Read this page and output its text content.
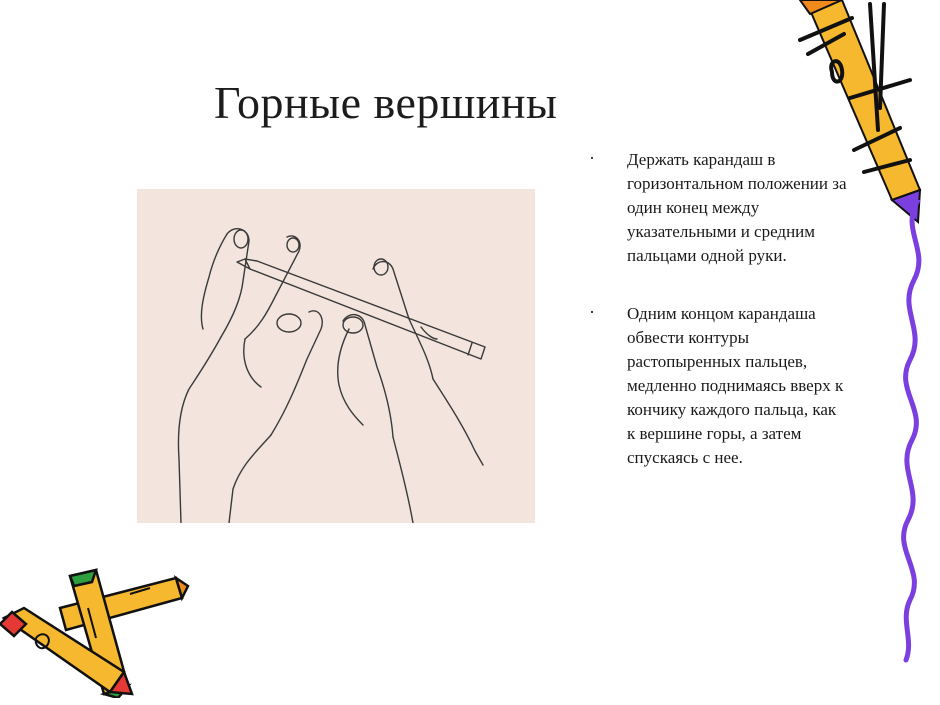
Горные вершины
· Держать карандаш в горизонтальном положении за один конец между указательными и средним пальцами одной руки.
· Одним концом карандаша обвести контуры растопыренных пальцев, медленно поднимаясь вверх к кончику каждого пальца, как к вершине горы, а затем спускаясь с нее.
